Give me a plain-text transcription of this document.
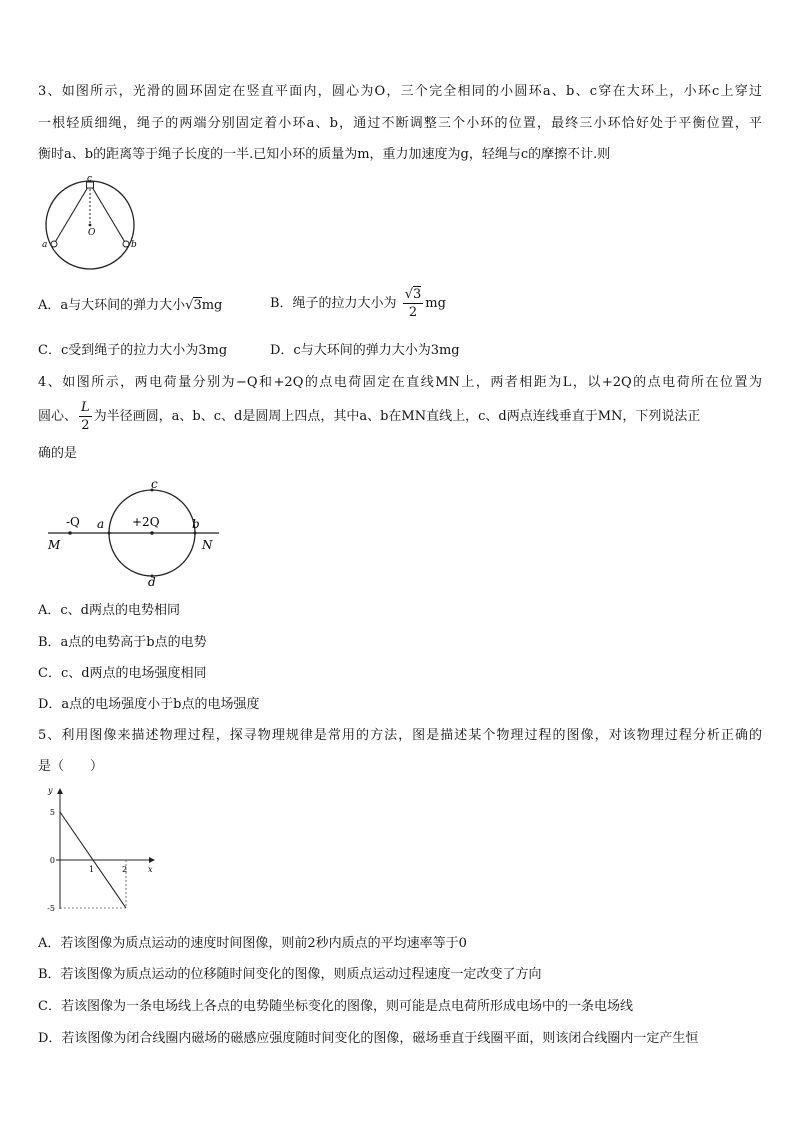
3、如图所示，光滑的圆环固定在竖直平面内，圆心为O，三个完全相同的小圆环a、b、c穿在大环上，小环c上穿过
一根轻质细绳，绳子的两端分别固定着小环a、b，通过不断调整三个小环的位置，最终三小环恰好处于平衡位置，平
衡时a、b的距离等于绳子长度的一半.已知小环的质量为m，重力加速度为g，轻绳与c的摩擦不计.则
c
O
a	b
A．a与大环间的弹力大小√3mg	B．绳子的拉力大小为 $\frac{√3}{2}$ mg
C．c受到绳子的拉力大小为3mg	D．c与大环间的弹力大小为3mg
4、如图所示，两电荷量分别为−Q和+2Q的点电荷固定在直线MN上，两者相距为L，以+2Q的点电荷所在位置为
圆心、 $\frac{L}{2}$ 为半径画圆，a、b、c、d是圆周上四点，其中a、b在MN直线上，c、d两点连线垂直于MN，下列说法正
确的是
-Q	+2Q
a	b
c
d
M	N
A．c、d两点的电势相同
B．a点的电势高于b点的电势
C．c、d两点的电场强度相同
D．a点的电场强度小于b点的电场强度
5、利用图像来描述物理过程，探寻物理规律是常用的方法，图是描述某个物理过程的图像，对该物理过程分析正确的
是（　　）
x
y
5
0
-5
1	2
A．若该图像为质点运动的速度时间图像，则前2秒内质点的平均速率等于0
B．若该图像为质点运动的位移随时间变化的图像，则质点运动过程速度一定改变了方向
C．若该图像为一条电场线上各点的电势随坐标变化的图像，则可能是点电荷所形成电场中的一条电场线
D．若该图像为闭合线圈内磁场的磁感应强度随时间变化的图像，磁场垂直于线圈平面，则该闭合线圈内一定产生恒
